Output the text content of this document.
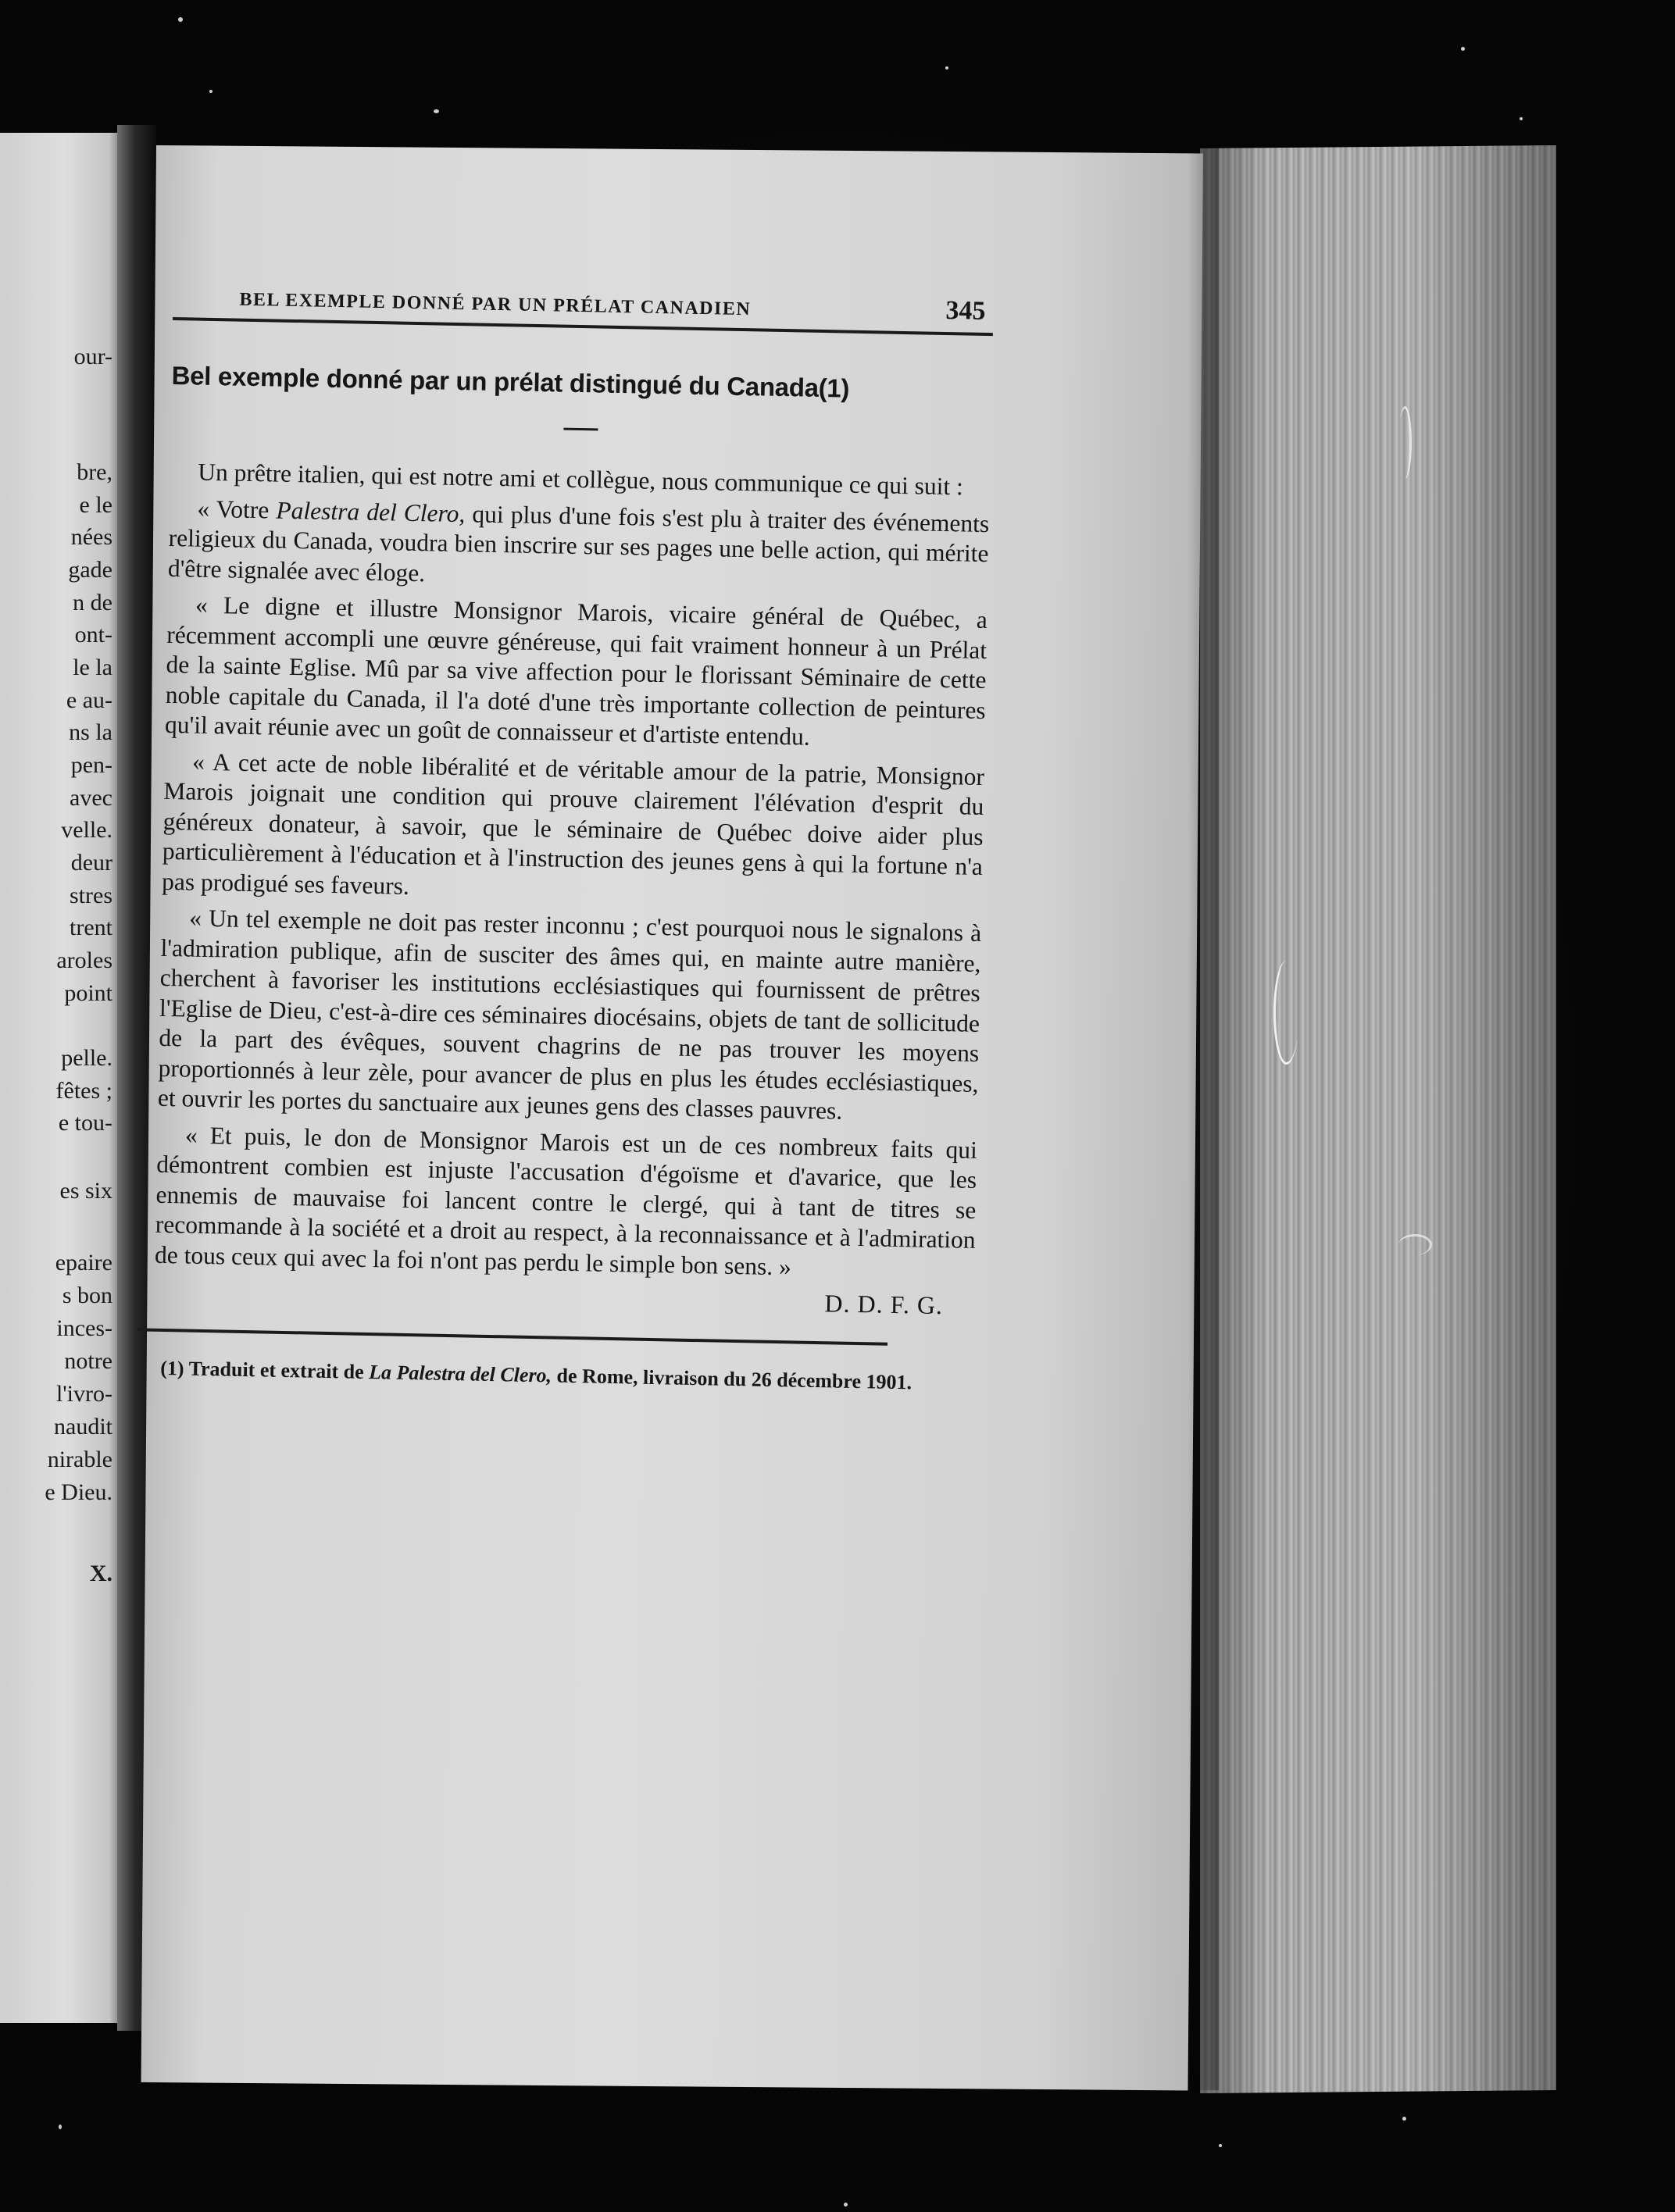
our-
bre,
e le
nées
gade
n de
ont-
le la
e au-
ns la
pen-
avec
velle.
deur
stres
trent
aroles
point
pelle.
fêtes ;
e tou-
es six
epaire
s bon
inces-
notre
l'ivro-
naudit
nirable
e Dieu.
X.
BEL EXEMPLE DONNÉ PAR UN PRÉLAT CANADIEN	345
Bel exemple donné par un prélat distingué du Canada(1)

Un prêtre italien, qui est notre ami et collègue, nous communique ce qui suit :

« Votre Palestra del Clero, qui plus d'une fois s'est plu à traiter des événements religieux du Canada, voudra bien inscrire sur ses pages une belle action, qui mérite d'être signalée avec éloge.

« Le digne et illustre Monsignor Marois, vicaire général de Québec, a récemment accompli une œuvre généreuse, qui fait vraiment honneur à un Prélat de la sainte Eglise. Mû par sa vive affection pour le florissant Séminaire de cette noble capitale du Canada, il l'a doté d'une très importante collection de peintures qu'il avait réunie avec un goût de connaisseur et d'artiste entendu.

« A cet acte de noble libéralité et de véritable amour de la patrie, Monsignor Marois joignait une condition qui prouve clairement l'élévation d'esprit du généreux donateur, à savoir, que le séminaire de Québec doive aider plus particulièrement à l'éducation et à l'instruction des jeunes gens à qui la fortune n'a pas prodigué ses faveurs.

« Un tel exemple ne doit pas rester inconnu ; c'est pourquoi nous le signalons à l'admiration publique, afin de susciter des âmes qui, en mainte autre manière, cherchent à favoriser les institutions ecclésiastiques qui fournissent de prêtres l'Eglise de Dieu, c'est-à-dire ces séminaires diocésains, objets de tant de sollicitude de la part des évêques, souvent chagrins de ne pas trouver les moyens proportionnés à leur zèle, pour avancer de plus en plus les études ecclésiastiques, et ouvrir les portes du sanctuaire aux jeunes gens des classes pauvres.

« Et puis, le don de Monsignor Marois est un de ces nombreux faits qui démontrent combien est injuste l'accusation d'égoïsme et d'avarice, que les ennemis de mauvaise foi lancent contre le clergé, qui à tant de titres se recommande à la société et a droit au respect, à la reconnaissance et à l'admiration de tous ceux qui avec la foi n'ont pas perdu le simple bon sens. »

D. D. F. G.
(1) Traduit et extrait de La Palestra del Clero, de Rome, livraison du 26 décembre 1901.
